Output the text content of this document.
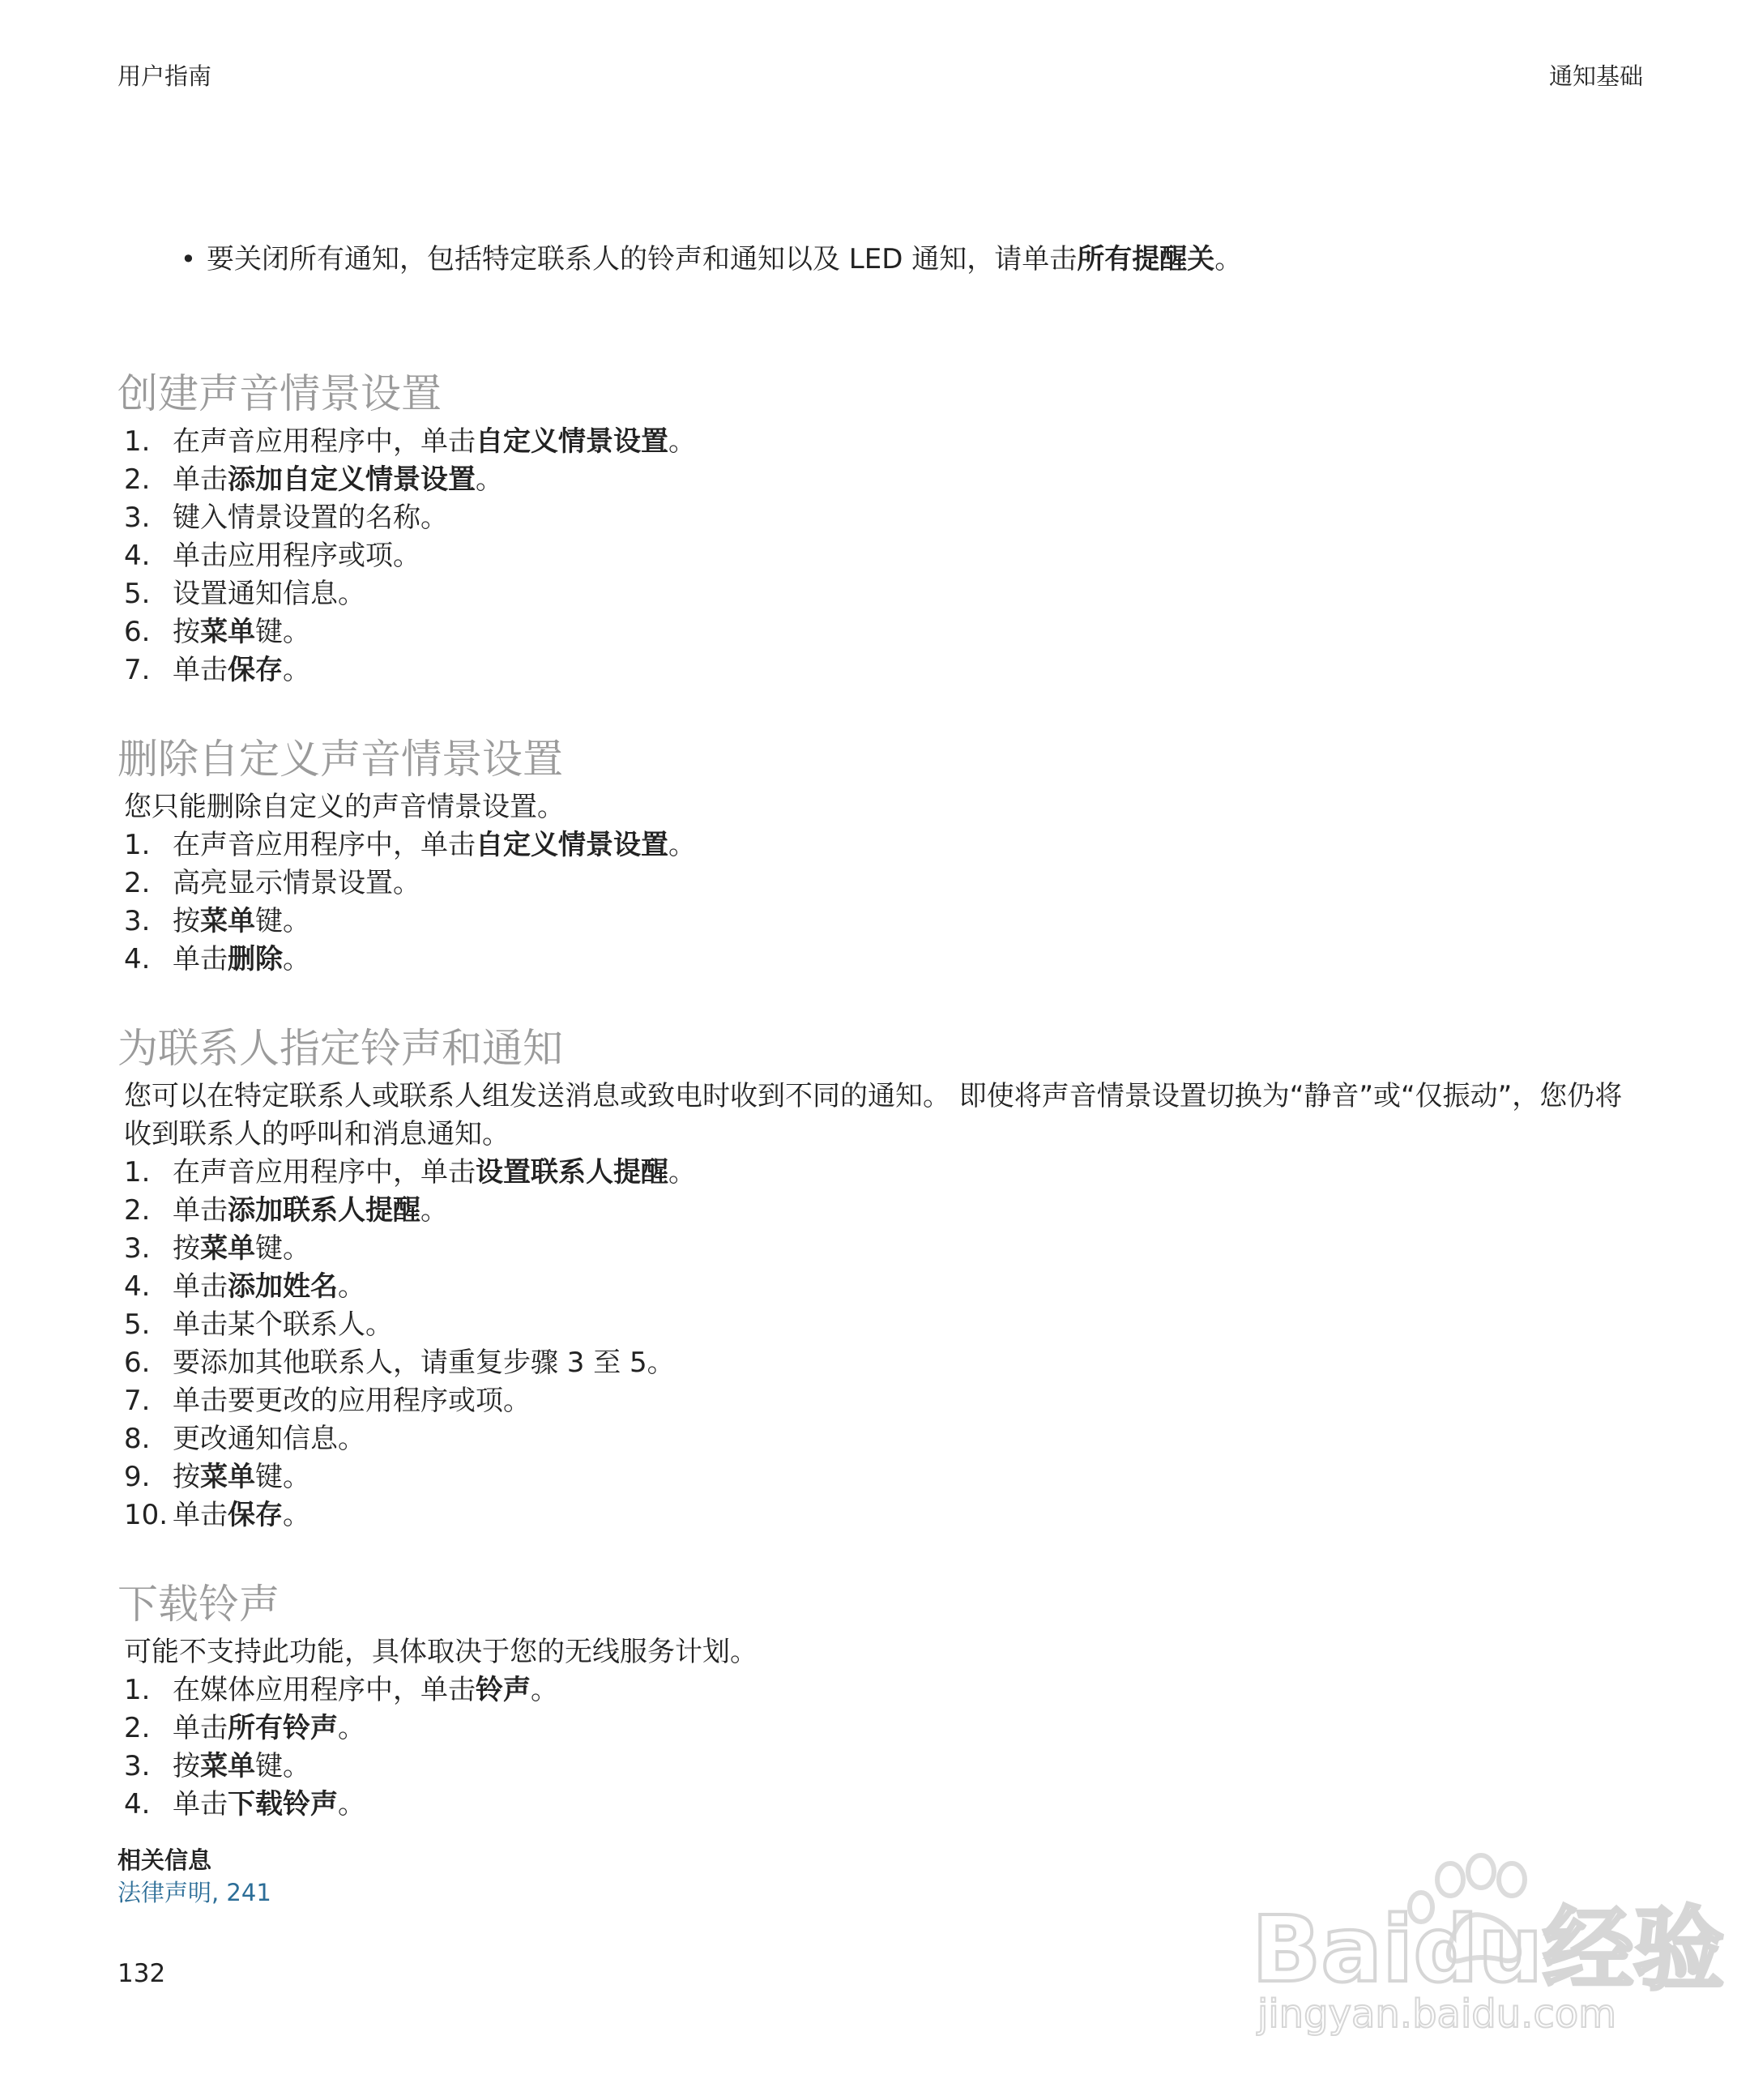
用户指南	通知基础
• 要关闭所有通知，包括特定联系人的铃声和通知以及 LED 通知，请单击所有提醒关。
创建声音情景设置
1. 在声音应用程序中，单击自定义情景设置。
2. 单击添加自定义情景设置。
3. 键入情景设置的名称。
4. 单击应用程序或项。
5. 设置通知信息。
6. 按菜单键。
7. 单击保存。
删除自定义声音情景设置

您只能删除自定义的声音情景设置。

1. 在声音应用程序中，单击自定义情景设置。
2. 高亮显示情景设置。
3. 按菜单键。
4. 单击删除。
为联系人指定铃声和通知

您可以在特定联系人或联系人组发送消息或致电时收到不同的通知。 即使将声音情景设置切换为“静音”或“仅振动”，您仍将收到联系人的呼叫和消息通知。

1. 在声音应用程序中，单击设置联系人提醒。
2. 单击添加联系人提醒。
3. 按菜单键。
4. 单击添加姓名。
5. 单击某个联系人。
6. 要添加其他联系人，请重复步骤 3 至 5。
7. 单击要更改的应用程序或项。
8. 更改通知信息。
9. 按菜单键。
10. 单击保存。
下载铃声

可能不支持此功能，具体取决于您的无线服务计划。

1. 在媒体应用程序中，单击铃声。
2. 单击所有铃声。
3. 按菜单键。
4. 单击下载铃声。
相关信息
法律声明, 241
132	Baidu经验
jingyan.baidu.com
